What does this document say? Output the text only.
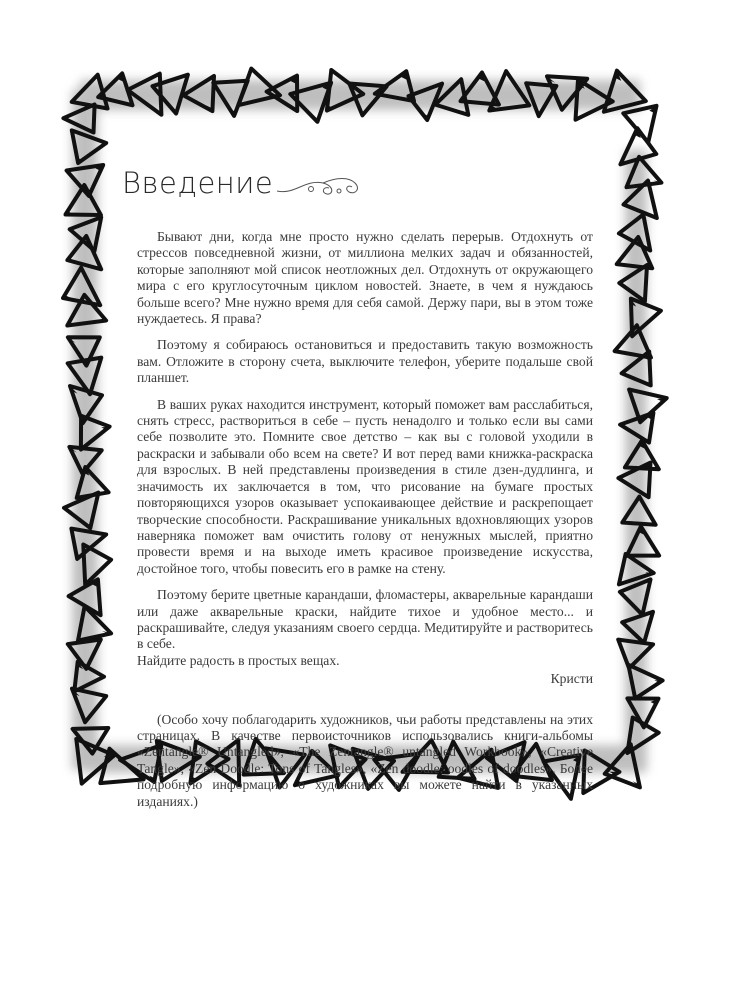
Введение

Бывают дни, когда мне просто нужно сделать перерыв. Отдохнуть от стрессов повседневной жизни, от миллиона мелких задач и обязанностей, которые заполняют мой список неотложных дел. Отдохнуть от окружающего мира с его круглосуточным циклом новостей. Знаете, в чем я нуждаюсь больше всего? Мне нужно время для себя самой. Держу пари, вы в этом тоже нуждаетесь. Я права?

Поэтому я собираюсь остановиться и предоставить такую возможность вам. Отложите в сторону счета, выключите телефон, уберите подальше свой планшет.

В ваших руках находится инструмент, который поможет вам расслабиться, снять стресс, раствориться в себе – пусть ненадолго и только если вы сами себе позволите это. Помните свое детство – как вы с головой уходили в раскраски и забывали обо всем на свете? И вот перед вами книжка-раскраска для взрослых. В ней представлены произведения в стиле дзен-дудлинга, и значимость их заключается в том, что рисование на бумаге простых повторяющихся узоров оказывает успокаивающее действие и раскрепощает творческие способности. Раскрашивание уникальных вдохновляющих узоров наверняка поможет вам очистить голову от ненужных мыслей, приятно провести время и на выходе иметь красивое произведение искусства, достойное того, чтобы повесить его в рамке на стену.

Поэтому берите цветные карандаши, фломастеры, акварельные карандаши или даже акварельные краски, найдите тихое и удобное место... и раскрашивайте, следуя указаниям своего сердца. Медитируйте и растворитесь в себе.

Найдите радость в простых вещах.

Кристи

(Особо хочу поблагодарить художников, чьи работы представлены на этих страницах. В качестве первоисточников использовались книги-альбомы «Zentangle® Untangled», «The Zentangle® untangled Workbook», «Creative Tangle», «Zen Doodle: Tons of Tangles», «Zen doodle: oodles of doodles». Более подробную информацию о художниках вы можете найти в указанных изданиях.)
